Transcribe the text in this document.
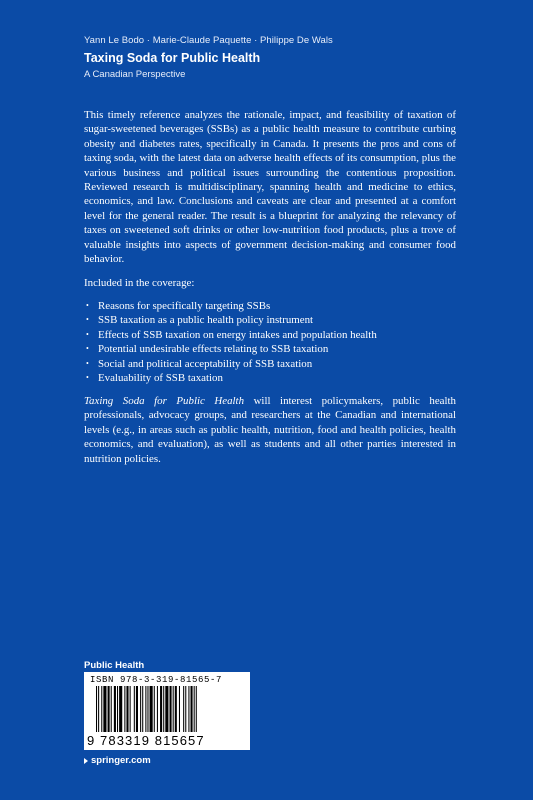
Yann Le Bodo · Marie-Claude Paquette · Philippe De Wals
Taxing Soda for Public Health
A Canadian Perspective

This timely reference analyzes the rationale, impact, and feasibility of taxation of sugar-sweetened beverages (SSBs) as a public health measure to contribute curbing obesity and diabetes rates, specifically in Canada. It presents the pros and cons of taxing soda, with the latest data on adverse health effects of its consumption, plus the various business and political issues surrounding the contentious proposition. Reviewed research is multidisciplinary, spanning health and medicine to ethics, economics, and law. Conclusions and caveats are clear and presented at a comfort level for the general reader. The result is a blueprint for analyzing the relevancy of taxes on sweetened soft drinks or other low-nutrition food products, plus a trove of valuable insights into aspects of government decision-making and consumer food behavior.

Included in the coverage:

• Reasons for specifically targeting SSBs
• SSB taxation as a public health policy instrument
• Effects of SSB taxation on energy intakes and population health
• Potential undesirable effects relating to SSB taxation
• Social and political acceptability of SSB taxation
• Evaluability of SSB taxation

Taxing Soda for Public Health will interest policymakers, public health professionals, advocacy groups, and researchers at the Canadian and international levels (e.g., in areas such as public health, nutrition, food and health policies, health economics, and evaluation), as well as students and all other parties interested in nutrition policies.

Public Health
ISBN 978-3-319-81565-7
9 783319 815657
springer.com
